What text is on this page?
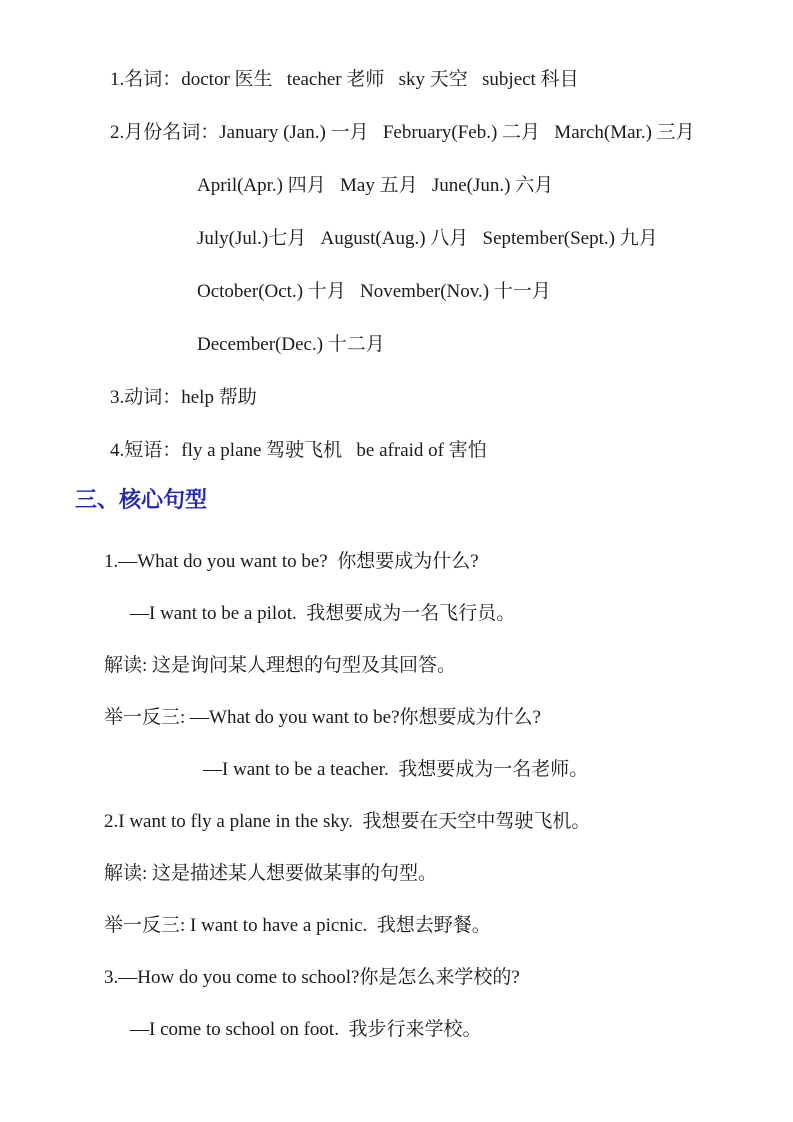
1.名词：doctor 医生   teacher 老师   sky 天空   subject 科目
2.月份名词：January (Jan.) 一月   February(Feb.) 二月   March(Mar.) 三月
April(Apr.) 四月   May 五月   June(Jun.) 六月
July(Jul.)七月   August(Aug.) 八月   September(Sept.) 九月
October(Oct.) 十月   November(Nov.) 十一月
December(Dec.) 十二月
3.动词：help 帮助
4.短语：fly a plane 驾驶飞机   be afraid of 害怕
三、核心句型
1.—What do you want to be?  你想要成为什么?
—I want to be a pilot.  我想要成为一名飞行员。
解读: 这是询问某人理想的句型及其回答。
举一反三: —What do you want to be?你想要成为什么?
—I want to be a teacher.  我想要成为一名老师。
2.I want to fly a plane in the sky.  我想要在天空中驾驶飞机。
解读: 这是描述某人想要做某事的句型。
举一反三: I want to have a picnic.  我想去野餐。
3.—How do you come to school?你是怎么来学校的?
—I come to school on foot.  我步行来学校。
